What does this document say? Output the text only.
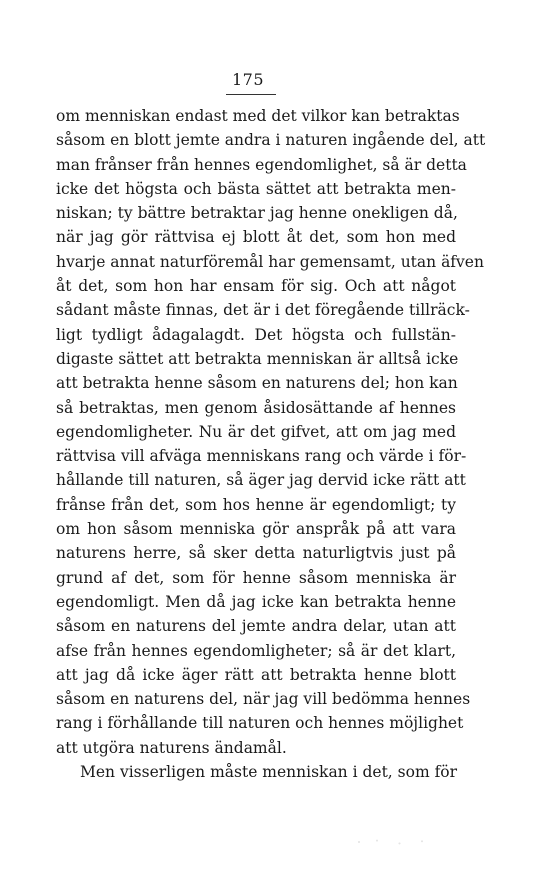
175
om menniskan endast med det vilkor kan betraktas
såsom en blott jemte andra i naturen ingående del, att
man frånser från hennes egendomlighet, så är detta
icke det högsta och bästa sättet att betrakta men-
niskan; ty bättre betraktar jag henne onekligen då,
när jag gör rättvisa ej blott åt det, som hon med
hvarje annat naturföremål har gemensamt, utan äfven
åt det, som hon har ensam för sig. Och att något
sådant måste finnas, det är i det föregående tillräck-
ligt tydligt ådagalagdt. Det högsta och fullstän-
digaste sättet att betrakta menniskan är alltså icke
att betrakta henne såsom en naturens del; hon kan
så betraktas, men genom åsidosättande af hennes
egendomligheter. Nu är det gifvet, att om jag med
rättvisa vill afväga menniskans rang och värde i för-
hållande till naturen, så äger jag dervid icke rätt att
frånse från det, som hos henne är egendomligt; ty
om hon såsom menniska gör anspråk på att vara
naturens herre, så sker detta naturligtvis just på
grund af det, som för henne såsom menniska är
egendomligt. Men då jag icke kan betrakta henne
såsom en naturens del jemte andra delar, utan att
afse från hennes egendomligheter; så är det klart,
att jag då icke äger rätt att betrakta henne blott
såsom en naturens del, när jag vill bedömma hennes
rang i förhållande till naturen och hennes möjlighet
att utgöra naturens ändamål.
Men visserligen måste menniskan i det, som för
